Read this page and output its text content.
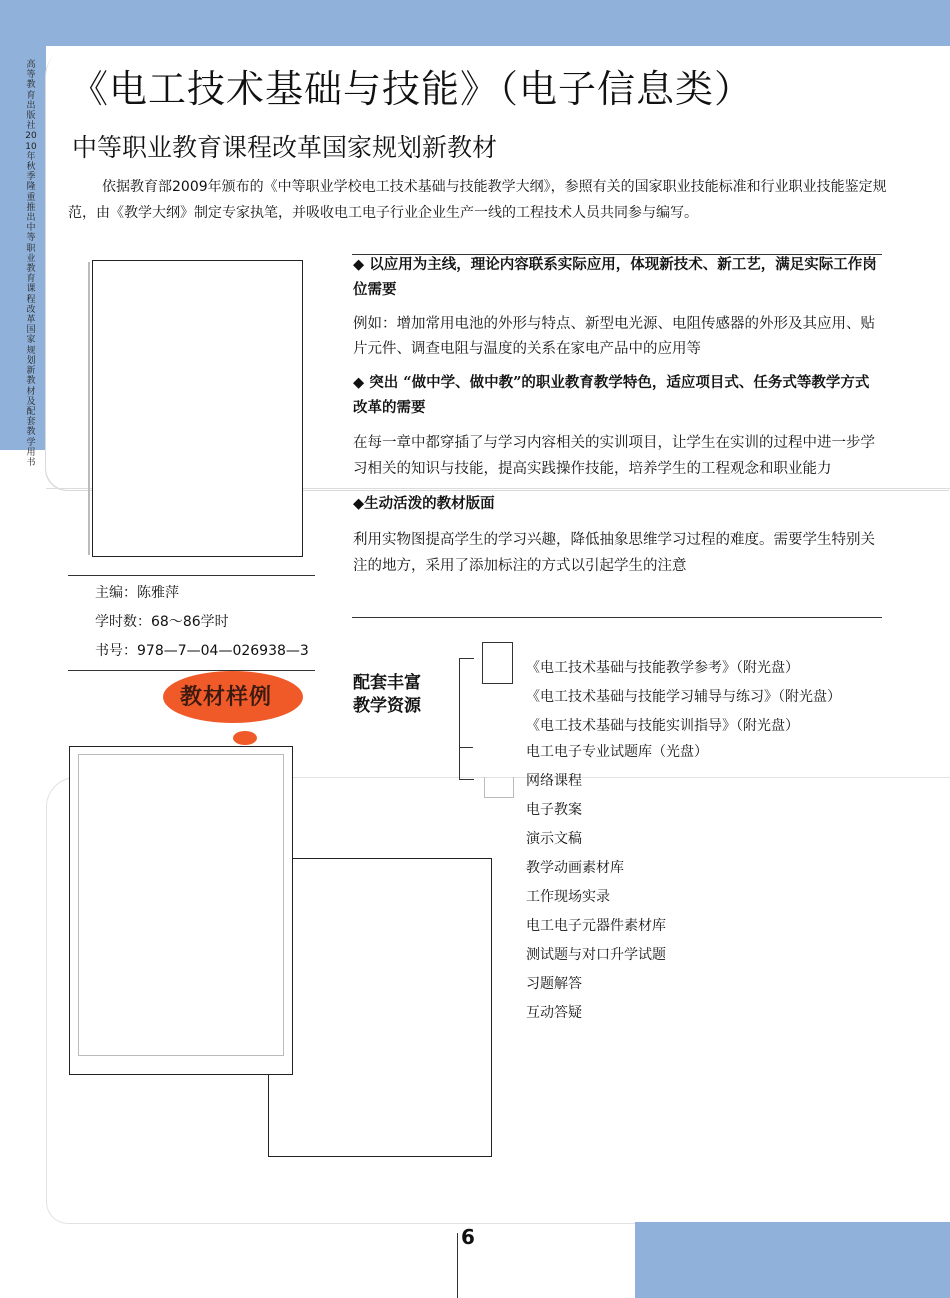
高等教育出版社2010年秋季隆重推出中等职业教育课程改革国家规划新教材及配套教学用书
《电工技术基础与技能》（电子信息类）
中等职业教育课程改革国家规划新教材
依据教育部2009年颁布的《中等职业学校电工技术基础与技能教学大纲》，参照有关的国家职业技能标准和行业职业技能鉴定规范，由《教学大纲》制定专家执笔，并吸收电工电子行业企业生产一线的工程技术人员共同参与编写。
主编：陈雅萍
学时数：68～86学时
书号：978—7—04—026938—3

◆ 以应用为主线，理论内容联系实际应用，体现新技术、新工艺，满足实际工作岗位需要

例如：增加常用电池的外形与特点、新型电光源、电阻传感器的外形及其应用、贴片元件、调查电阻与温度的关系在家电产品中的应用等

◆ 突出 “做中学、做中教”的职业教育教学特色，适应项目式、任务式等教学方式改革的需要

在每一章中都穿插了与学习内容相关的实训项目，让学生在实训的过程中进一步学习相关的知识与技能，提高实践操作技能，培养学生的工程观念和职业能力

◆生动活泼的教材版面

利用实物图提高学生的学习兴趣，降低抽象思维学习过程的难度。需要学生特别关注的地方，采用了添加标注的方式以引起学生的注意

教材样例
配套丰富
教学资源
《电工技术基础与技能教学参考》（附光盘）
《电工技术基础与技能学习辅导与练习》（附光盘）
《电工技术基础与技能实训指导》（附光盘）
电工电子专业试题库（光盘）
网络课程
电子教案
演示文稿
教学动画素材库
工作现场实录
电工电子元器件素材库
测试题与对口升学试题
习题解答
互动答疑
6
